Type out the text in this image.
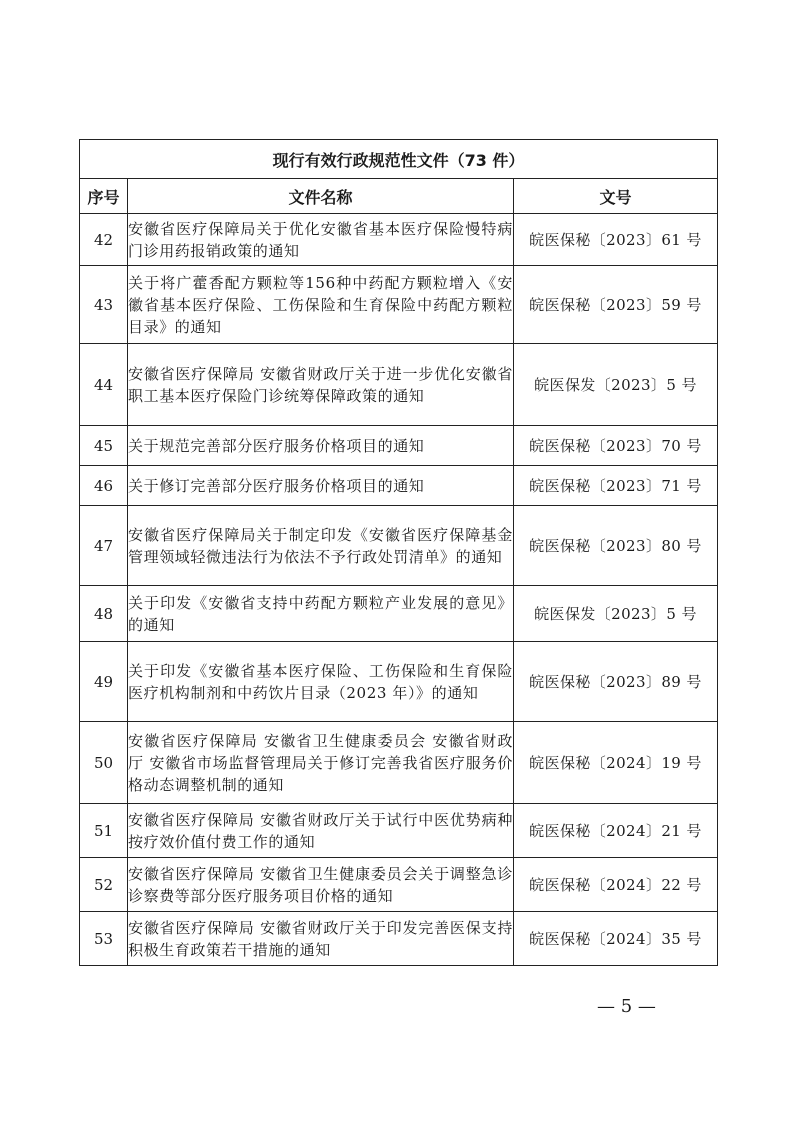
现行有效行政规范性文件（73 件）		
序号	文件名称	文号
42	安徽省医疗保障局关于优化安徽省基本医疗保险慢特病门诊用药报销政策的通知	皖医保秘〔2023〕61 号
43	关于将广藿香配方颗粒等156种中药配方颗粒增入《安徽省基本医疗保险、工伤保险和生育保险中药配方颗粒目录》的通知	皖医保秘〔2023〕59 号
44	安徽省医疗保障局 安徽省财政厅关于进一步优化安徽省职工基本医疗保险门诊统筹保障政策的通知	皖医保发〔2023〕5 号
45	关于规范完善部分医疗服务价格项目的通知	皖医保秘〔2023〕70 号
46	关于修订完善部分医疗服务价格项目的通知	皖医保秘〔2023〕71 号
47	安徽省医疗保障局关于制定印发《安徽省医疗保障基金管理领域轻微违法行为依法不予行政处罚清单》的通知	皖医保秘〔2023〕80 号
48	关于印发《安徽省支持中药配方颗粒产业发展的意见》的通知	皖医保发〔2023〕5 号
49	关于印发《安徽省基本医疗保险、工伤保险和生育保险医疗机构制剂和中药饮片目录（2023 年）》的通知	皖医保秘〔2023〕89 号
50	安徽省医疗保障局 安徽省卫生健康委员会 安徽省财政厅 安徽省市场监督管理局关于修订完善我省医疗服务价格动态调整机制的通知	皖医保秘〔2024〕19 号
51	安徽省医疗保障局 安徽省财政厅关于试行中医优势病种按疗效价值付费工作的通知	皖医保秘〔2024〕21 号
52	安徽省医疗保障局 安徽省卫生健康委员会关于调整急诊诊察费等部分医疗服务项目价格的通知	皖医保秘〔2024〕22 号
53	安徽省医疗保障局 安徽省财政厅关于印发完善医保支持积极生育政策若干措施的通知	皖医保秘〔2024〕35 号
— 5 —
